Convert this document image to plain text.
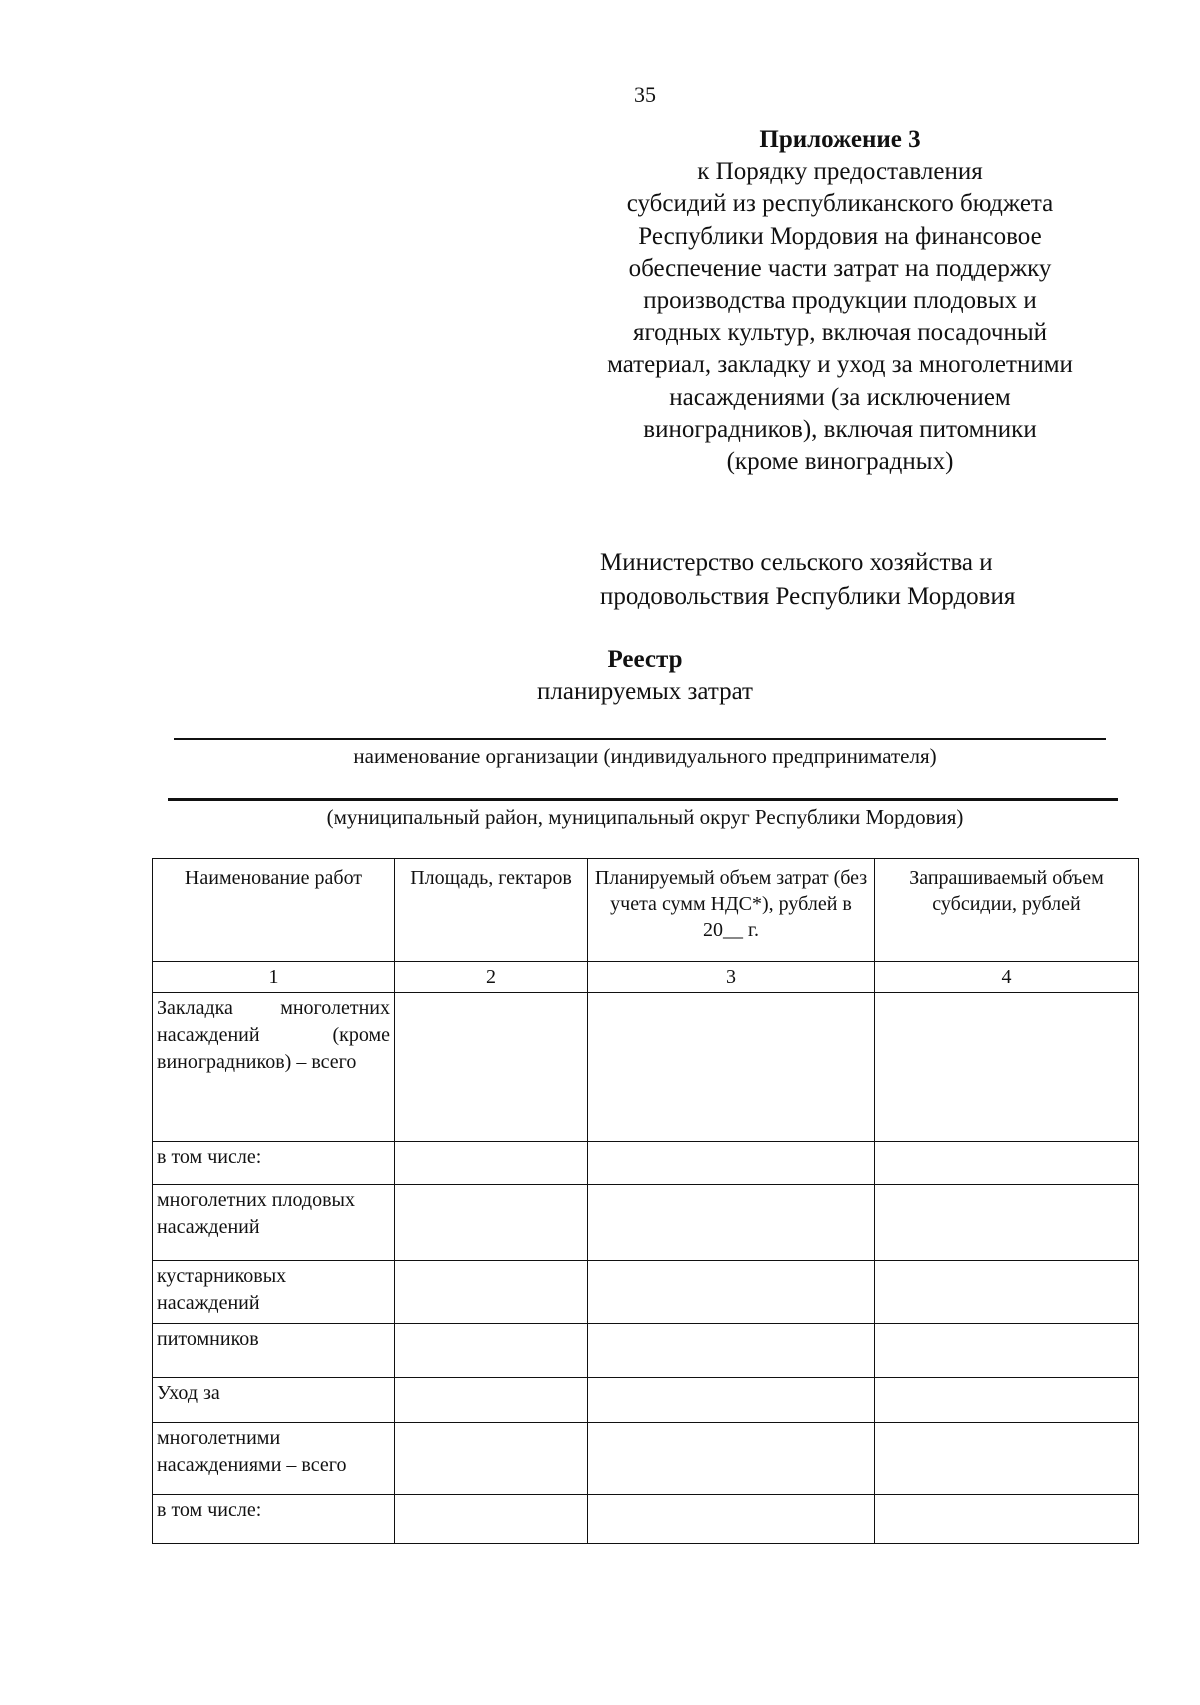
35
Приложение 3
к Порядку предоставления
субсидий из республиканского бюджета
Республики Мордовия на финансовое
обеспечение части затрат на поддержку
производства продукции плодовых и
ягодных культур, включая посадочный
материал, закладку и уход за многолетними
насаждениями (за исключением
виноградников), включая питомники
(кроме виноградных)
Министерство сельского хозяйства и
продовольствия Республики Мордовия
Реестр
планируемых затрат
наименование организации (индивидуального предпринимателя)
(муниципальный район, муниципальный округ Республики Мордовия)
Наименование работ	Площадь, гектаров	Планируемый объем затрат (без учета сумм НДС*), рублей в 20__ г.	Запрашиваемый объем субсидии, рублей
1	2	3	4
Закладка многолетних насаждений (кроме виноградников) – всего			
в том числе:			
многолетних плодовых насаждений			
кустарниковых насаждений			
питомников			
Уход за			
многолетними насаждениями – всего			
в том числе:			
